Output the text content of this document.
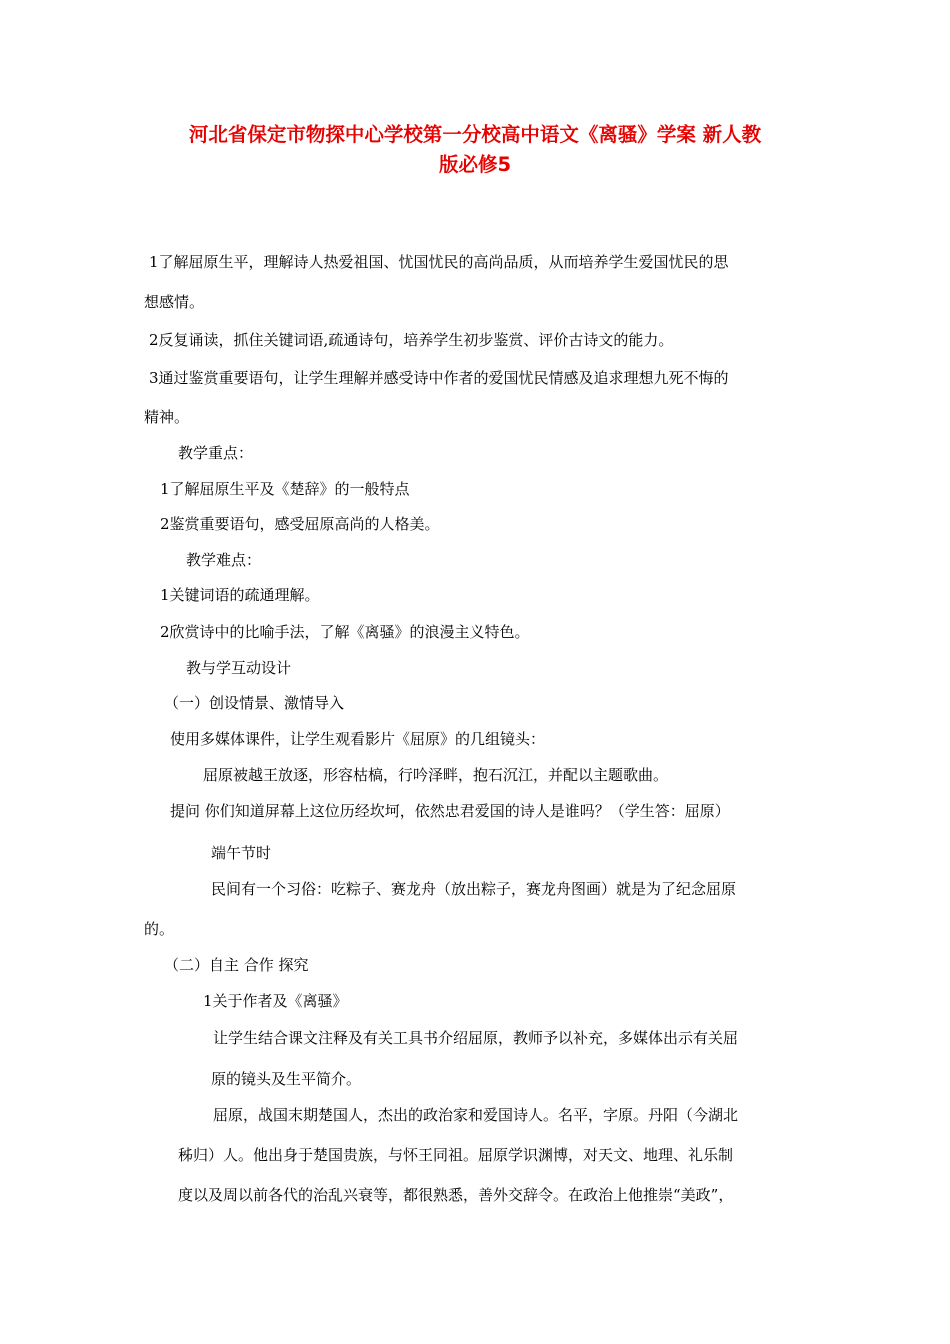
河北省保定市物探中心学校第一分校高中语文《离骚》学案 新人教
版必修5

1了解屈原生平，理解诗人热爱祖国、忧国忧民的高尚品质，从而培养学生爱国忧民的思

想感情。

2反复诵读，抓住关键词语,疏通诗句，培养学生初步鉴赏、评价古诗文的能力。

3通过鉴赏重要语句，让学生理解并感受诗中作者的爱国忧民情感及追求理想九死不悔的

精神。

教学重点：

1了解屈原生平及《楚辞》的一般特点

2鉴赏重要语句，感受屈原高尚的人格美。

教学难点：

1关键词语的疏通理解。

2欣赏诗中的比喻手法，了解《离骚》的浪漫主义特色。

教与学互动设计

（一）创设情景、激情导入

使用多媒体课件，让学生观看影片《屈原》的几组镜头：

屈原被越王放逐，形容枯槁，行吟泽畔，抱石沉江，并配以主题歌曲。

提问 你们知道屏幕上这位历经坎坷，依然忠君爱国的诗人是谁吗？（学生答：屈原）

端午节时

民间有一个习俗：吃粽子、赛龙舟（放出粽子，赛龙舟图画）就是为了纪念屈原

的。

（二）自主 合作 探究

1关于作者及《离骚》

让学生结合课文注释及有关工具书介绍屈原，教师予以补充，多媒体出示有关屈

原的镜头及生平简介。

屈原，战国末期楚国人，杰出的政治家和爱国诗人。名平，字原。丹阳（今湖北

秭归）人。他出身于楚国贵族，与怀王同祖。屈原学识渊博，对天文、地理、礼乐制

度以及周以前各代的治乱兴衰等，都很熟悉，善外交辞令。在政治上他推崇“美政”，
